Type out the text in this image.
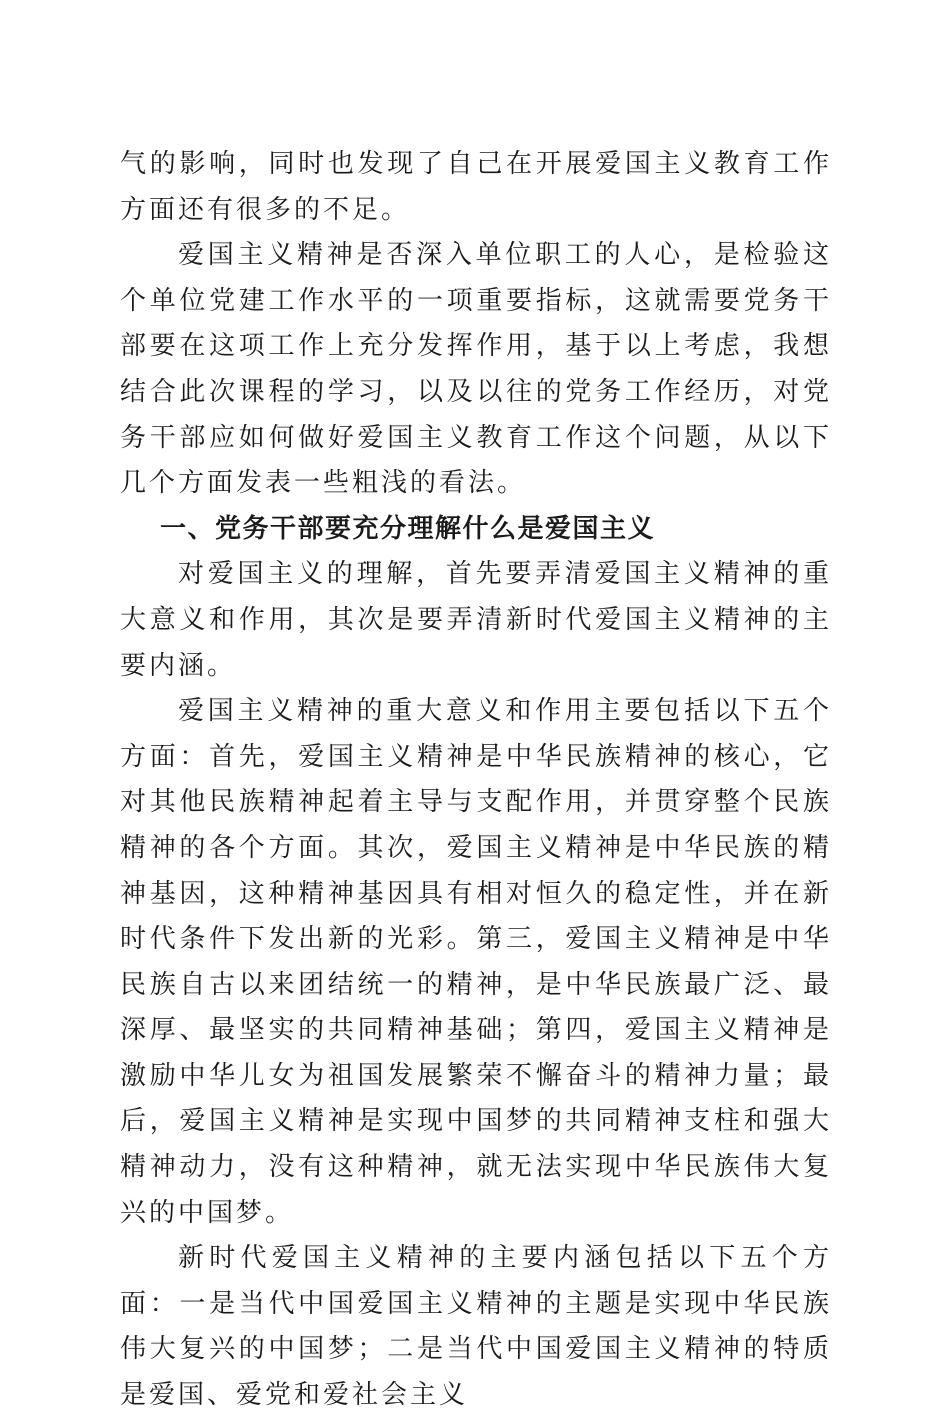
气的影响，同时也发现了自己在开展爱国主义教育工作方面还有很多的不足。

爱国主义精神是否深入单位职工的人心，是检验这个单位党建工作水平的一项重要指标，这就需要党务干部要在这项工作上充分发挥作用，基于以上考虑，我想结合此次课程的学习，以及以往的党务工作经历，对党务干部应如何做好爱国主义教育工作这个问题，从以下几个方面发表一些粗浅的看法。

一、党务干部要充分理解什么是爱国主义

对爱国主义的理解，首先要弄清爱国主义精神的重大意义和作用，其次是要弄清新时代爱国主义精神的主要内涵。

爱国主义精神的重大意义和作用主要包括以下五个方面：首先，爱国主义精神是中华民族精神的核心，它对其他民族精神起着主导与支配作用，并贯穿整个民族精神的各个方面。其次，爱国主义精神是中华民族的精神基因，这种精神基因具有相对恒久的稳定性，并在新时代条件下发出新的光彩。第三，爱国主义精神是中华民族自古以来团结统一的精神，是中华民族最广泛、最深厚、最坚实的共同精神基础；第四，爱国主义精神是激励中华儿女为祖国发展繁荣不懈奋斗的精神力量；最后，爱国主义精神是实现中国梦的共同精神支柱和强大精神动力，没有这种精神，就无法实现中华民族伟大复兴的中国梦。

新时代爱国主义精神的主要内涵包括以下五个方面：一是当代中国爱国主义精神的主题是实现中华民族伟大复兴的中国梦；二是当代中国爱国主义精神的特质是爱国、爱党和爱社会主义
